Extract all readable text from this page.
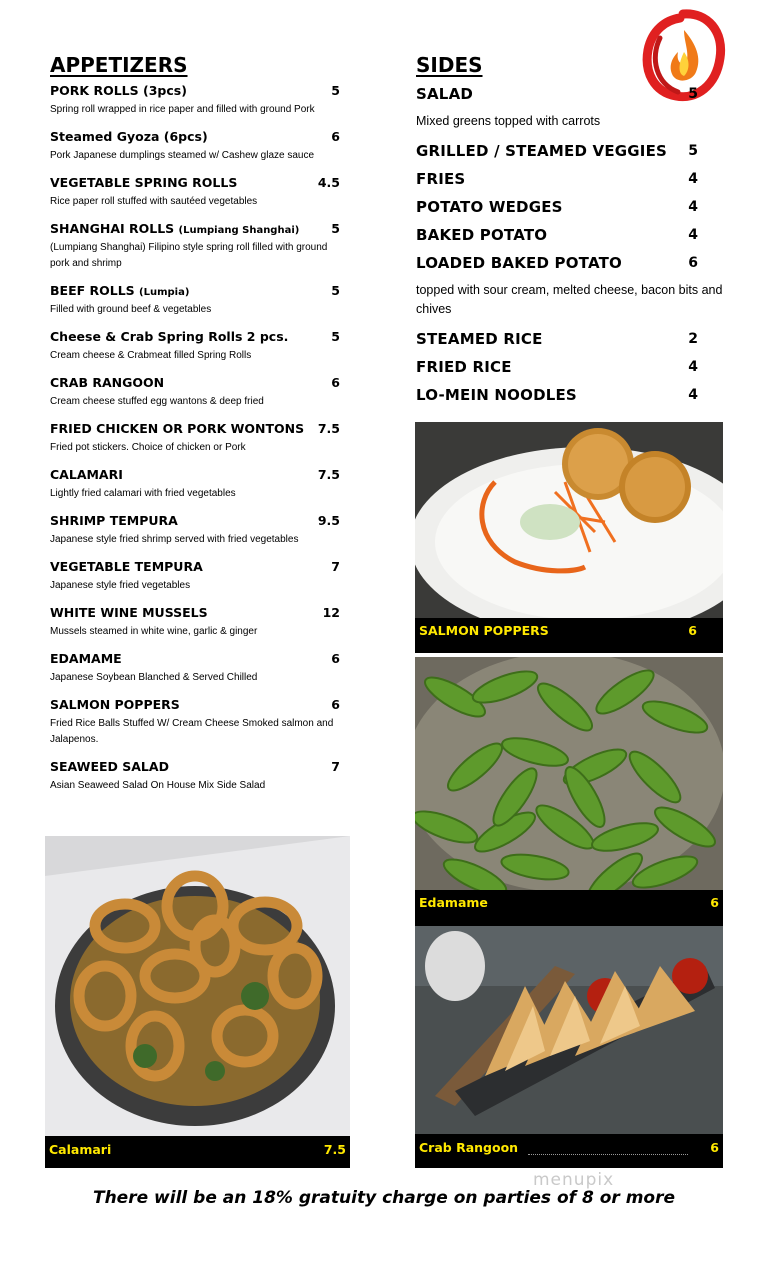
APPETIZERS
PORK ROLLS (3pcs)	5
Spring roll wrapped in rice paper and filled with ground Pork
Steamed Gyoza (6pcs)	6
Pork Japanese dumplings steamed w/ Cashew glaze sauce
VEGETABLE SPRING ROLLS	4.5
Rice paper roll stuffed with sautéed vegetables
SHANGHAI ROLLS (Lumpiang Shanghai)	5
(Lumpiang Shanghai) Filipino style spring roll filled with ground pork and shrimp
BEEF ROLLS (Lumpia)	5
Filled with ground beef & vegetables
Cheese & Crab Spring Rolls 2 pcs.	5
Cream cheese & Crabmeat filled Spring Rolls
CRAB RANGOON	6
Cream cheese stuffed egg wantons & deep fried
FRIED CHICKEN OR PORK WONTONS	7.5
Fried pot stickers. Choice of chicken or Pork
CALAMARI	7.5
Lightly fried calamari with fried vegetables
SHRIMP TEMPURA	9.5
Japanese style fried shrimp served with fried vegetables
VEGETABLE TEMPURA	7
Japanese style fried vegetables
WHITE WINE MUSSELS	12
Mussels steamed in white wine, garlic & ginger
EDAMAME	6
Japanese Soybean Blanched & Served Chilled
SALMON POPPERS	6
Fried Rice Balls Stuffed W/ Cream Cheese Smoked salmon and Jalapenos.
SEAWEED SALAD	7
Asian Seaweed Salad On House Mix Side Salad
SIDES
SALAD	5
Mixed greens topped with carrots
GRILLED / STEAMED VEGGIES 5
FRIES	4
POTATO WEDGES	4
BAKED POTATO	4
LOADED BAKED POTATO	6
topped with sour cream, melted cheese, bacon bits and chives
STEAMED RICE	2
FRIED RICE	4
LO-MEIN NOODLES	4
SALMON POPPERS	6
Edamame	6
Crab Rangoon	6
Calamari	7.5
menupix
There will be an 18% gratuity charge on parties of 8 or more
